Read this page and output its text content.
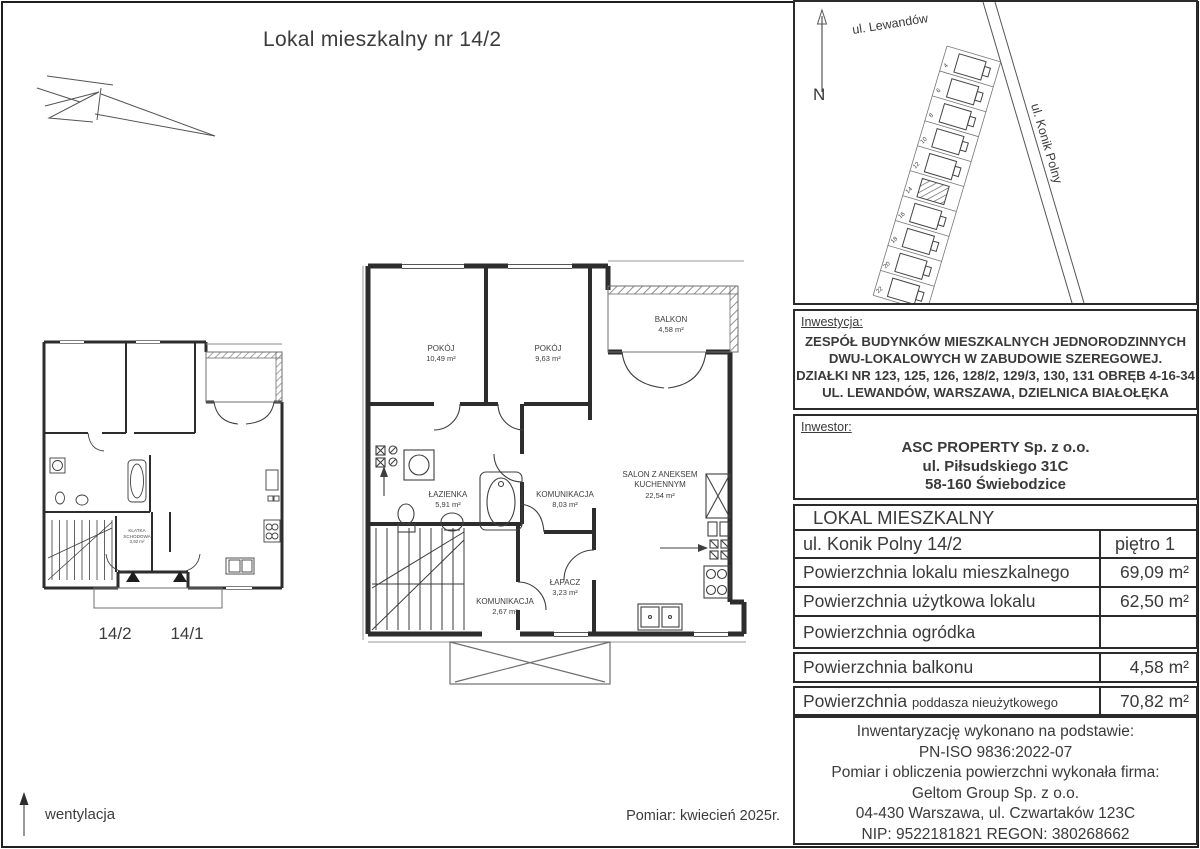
Lokal mieszkalny nr 14/2
KLATKA
SCHODOWA
3,92 m²
14/2	14/1
POKÓJ
10,49 m²
POKÓJ
9,63 m²
BALKON
4,58 m²
ŁAZIENKA
5,91 m²
KOMUNIKACJA
8,03 m²
SALON Z ANEKSEM KUCHENNYM
22,54 m²
ŁAPACZ
3,23 m²
KOMUNIKACJA
2,67 m²
wentylacja	Pomiar: kwiecień 2025r.
N
ul. Lewandów
ul. Konik Polny
4
6
8
10
12
14
16
18
20
22
Inwestycja:
ZESPÓŁ BUDYNKÓW MIESZKALNYCH JEDNORODZINNYCH
DWU-LOKALOWYCH W ZABUDOWIE SZEREGOWEJ.
DZIAŁKI NR 123, 125, 126, 128/2, 129/3, 130, 131 OBRĘB 4-16-34
UL. LEWANDÓW, WARSZAWA, DZIELNICA BIAŁOŁĘKA
Inwestor:
ASC PROPERTY Sp. z o.o.
ul. Piłsudskiego 31C
58-160 Świebodzice
LOKAL MIESZKALNY
ul. Konik Polny 14/2	piętro 1
Powierzchnia lokalu mieszkalnego	69,09 m²
Powierzchnia użytkowa lokalu	62,50 m²
Powierzchnia ogródka
Powierzchnia balkonu	4,58 m²
Powierzchnia poddasza nieużytkowego	70,82 m²
Inwentaryzację wykonano na podstawie:
PN-ISO 9836:2022-07
Pomiar i obliczenia powierzchni wykonała firma:
Geltom Group Sp. z o.o.
04-430 Warszawa, ul. Czwartaków 123C
NIP: 9522181821 REGON: 380268662
